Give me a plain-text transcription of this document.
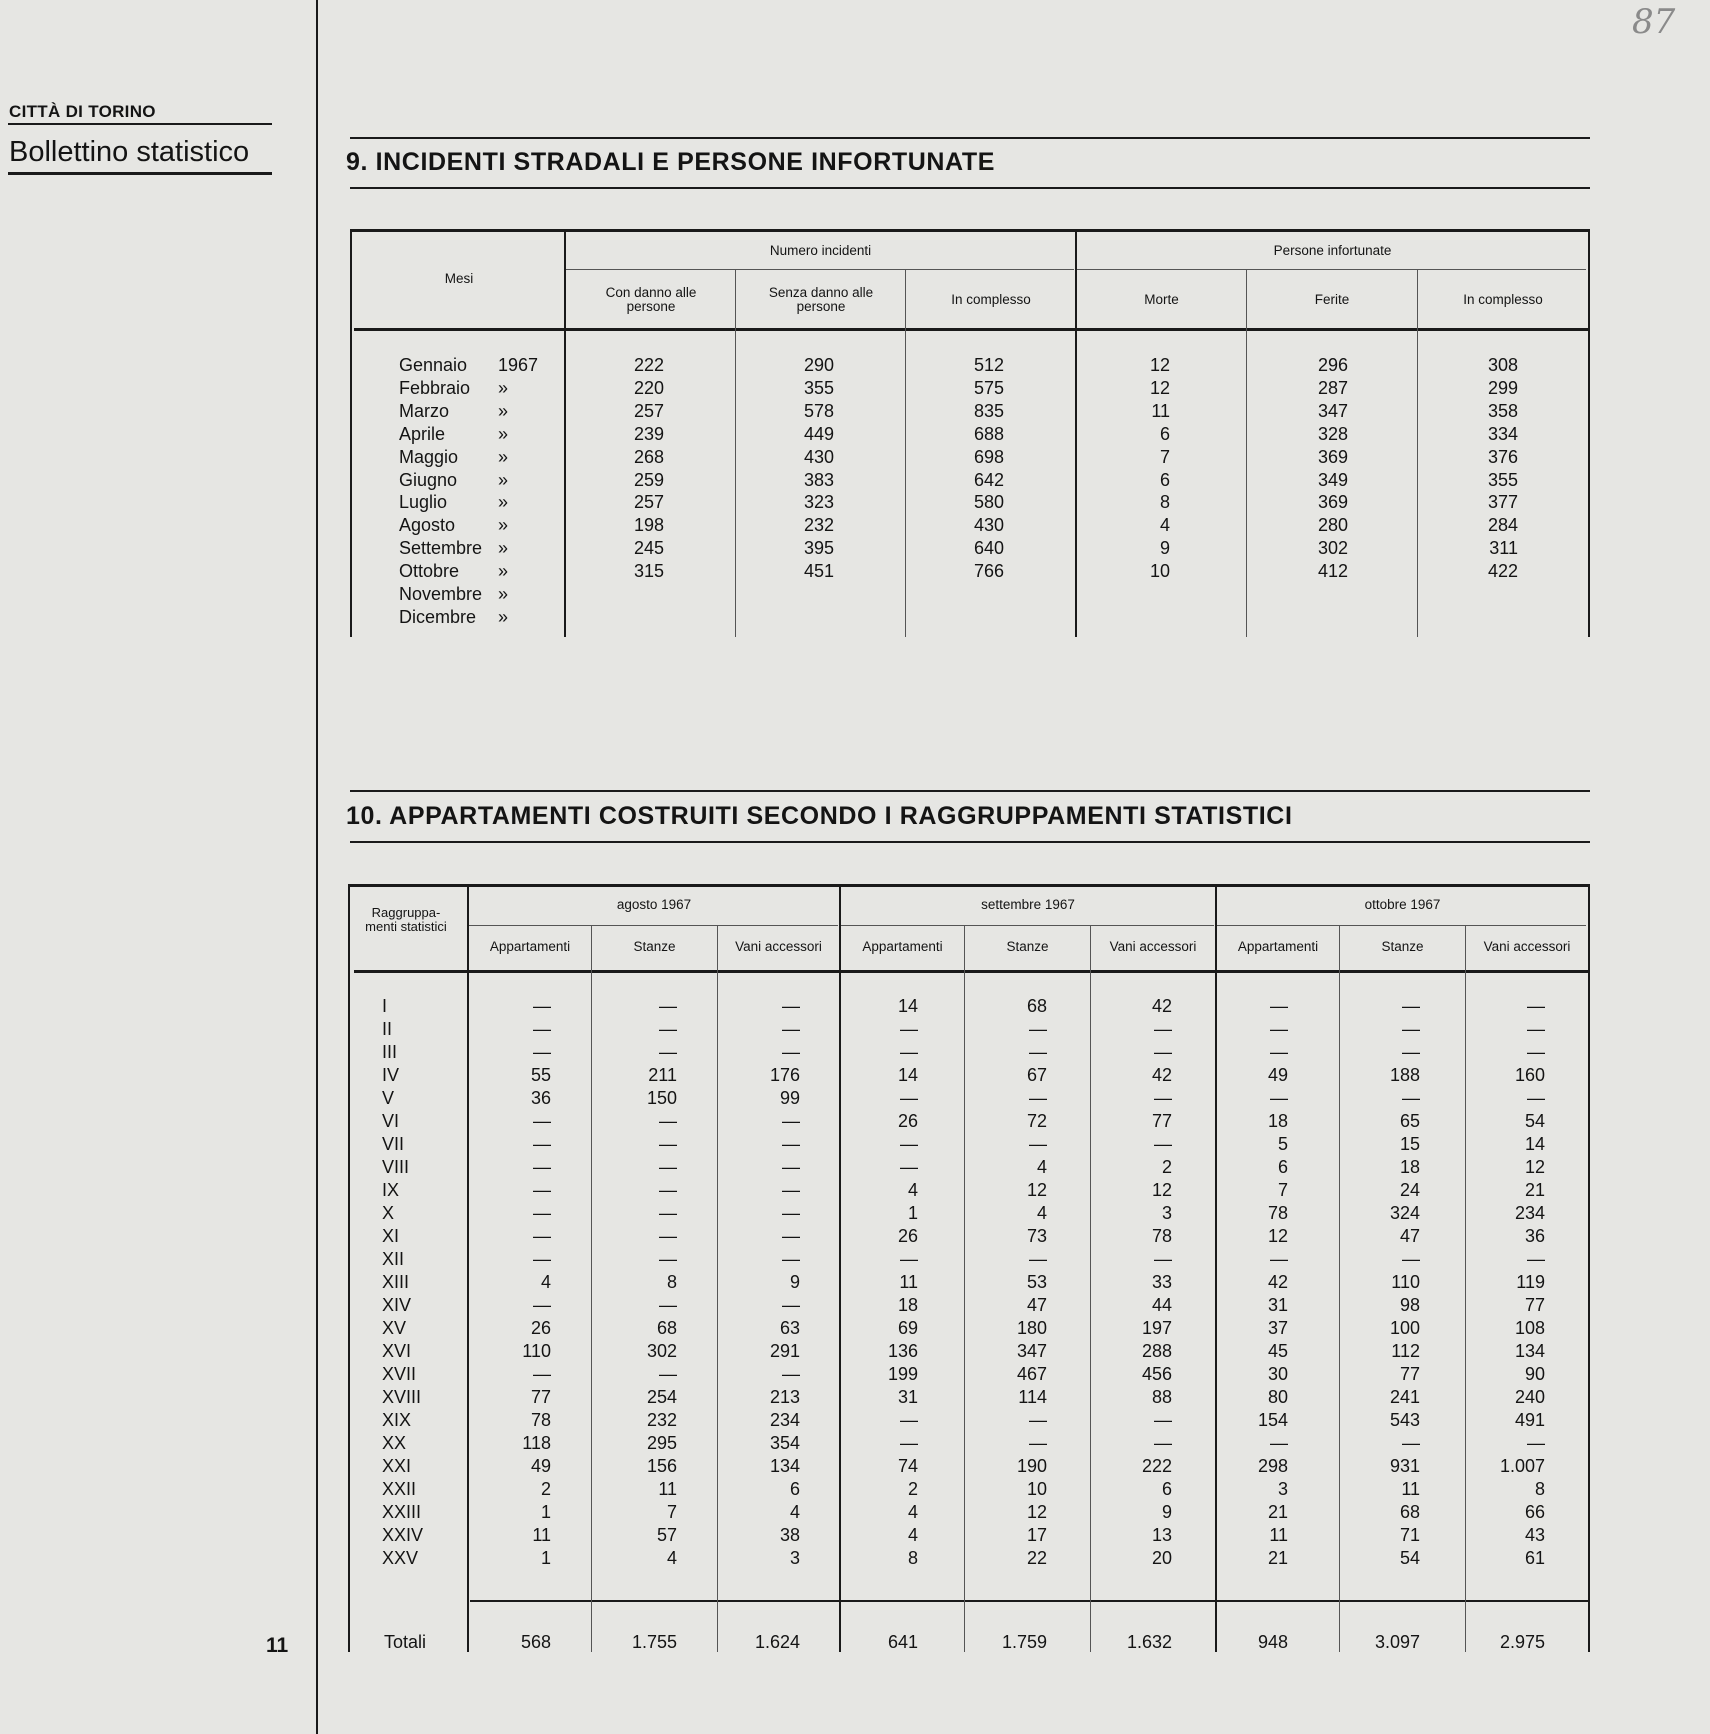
87
CITTÀ DI TORINO
Bollettino statistico
11
9. INCIDENTI STRADALI E PERSONE INFORTUNATE
Mesi
Numero incidenti	Persone infortunate
Con danno alle persone
Senza danno alle persone	In complesso	Morte	Ferite	In complesso
Gennaio	1967	222	290	512	12	296	308
Febbraio	»	220	355	575	12	287	299
Marzo	»	257	578	835	11	347	358
Aprile	»	239	449	688	6	328	334
Maggio	»	268	430	698	7	369	376
Giugno	»	259	383	642	6	349	355
Luglio	»	257	323	580	8	369	377
Agosto	»	198	232	430	4	280	284
Settembre »	245	395	640	9	302	311
Ottobre	»	315	451	766	10	412	422
Novembre »
Dicembre	»
10. APPARTAMENTI COSTRUITI SECONDO I RAGGRUPPAMENTI STATISTICI
Raggruppa- menti statistici
agosto 1967	settembre 1967	ottobre 1967
Appartamenti	Stanze	Vani accessori	Appartamenti	Stanze	Vani accessori	Appartamenti	Stanze	Vani accessori
I	—	—	—	14	68	42	—	—	—
II	—	—	—	—	—	—	—	—	—
III	—	—	—	—	—	—	—	—	—
IV	55	211	176	14	67	42	49	188	160
V	36	150	99	—	—	—	—	—	—
VI	—	—	—	26	72	77	18	65	54
VII	—	—	—	—	—	—	5	15	14
VIII	—	—	—	—	4	2	6	18	12
IX	—	—	—	4	12	12	7	24	21
X	—	—	—	1	4	3	78	324	234
XI	—	—	—	26	73	78	12	47	36
XII	—	—	—	—	—	—	—	—	—
XIII	4	8	9	11	53	33	42	110	119
XIV	—	—	—	18	47	44	31	98	77
XV	26	68	63	69	180	197	37	100	108
XVI	110	302	291	136	347	288	45	112	134
XVII	—	—	—	199	467	456	30	77	90
XVIII	77	254	213	31	114	88	80	241	240
XIX	78	232	234	—	—	—	154	543	491
XX	118	295	354	—	—	—	—	—	—
XXI	49	156	134	74	190	222	298	931	1.007
XXII	2	11	6	2	10	6	3	11	8
XXIII	1	7	4	4	12	9	21	68	66
XXIV	11	57	38	4	17	13	11	71	43
XXV	1	4	3	8	22	20	21	54	61
Totali	568	1.755	1.624	641	1.759	1.632	948	3.097	2.975
